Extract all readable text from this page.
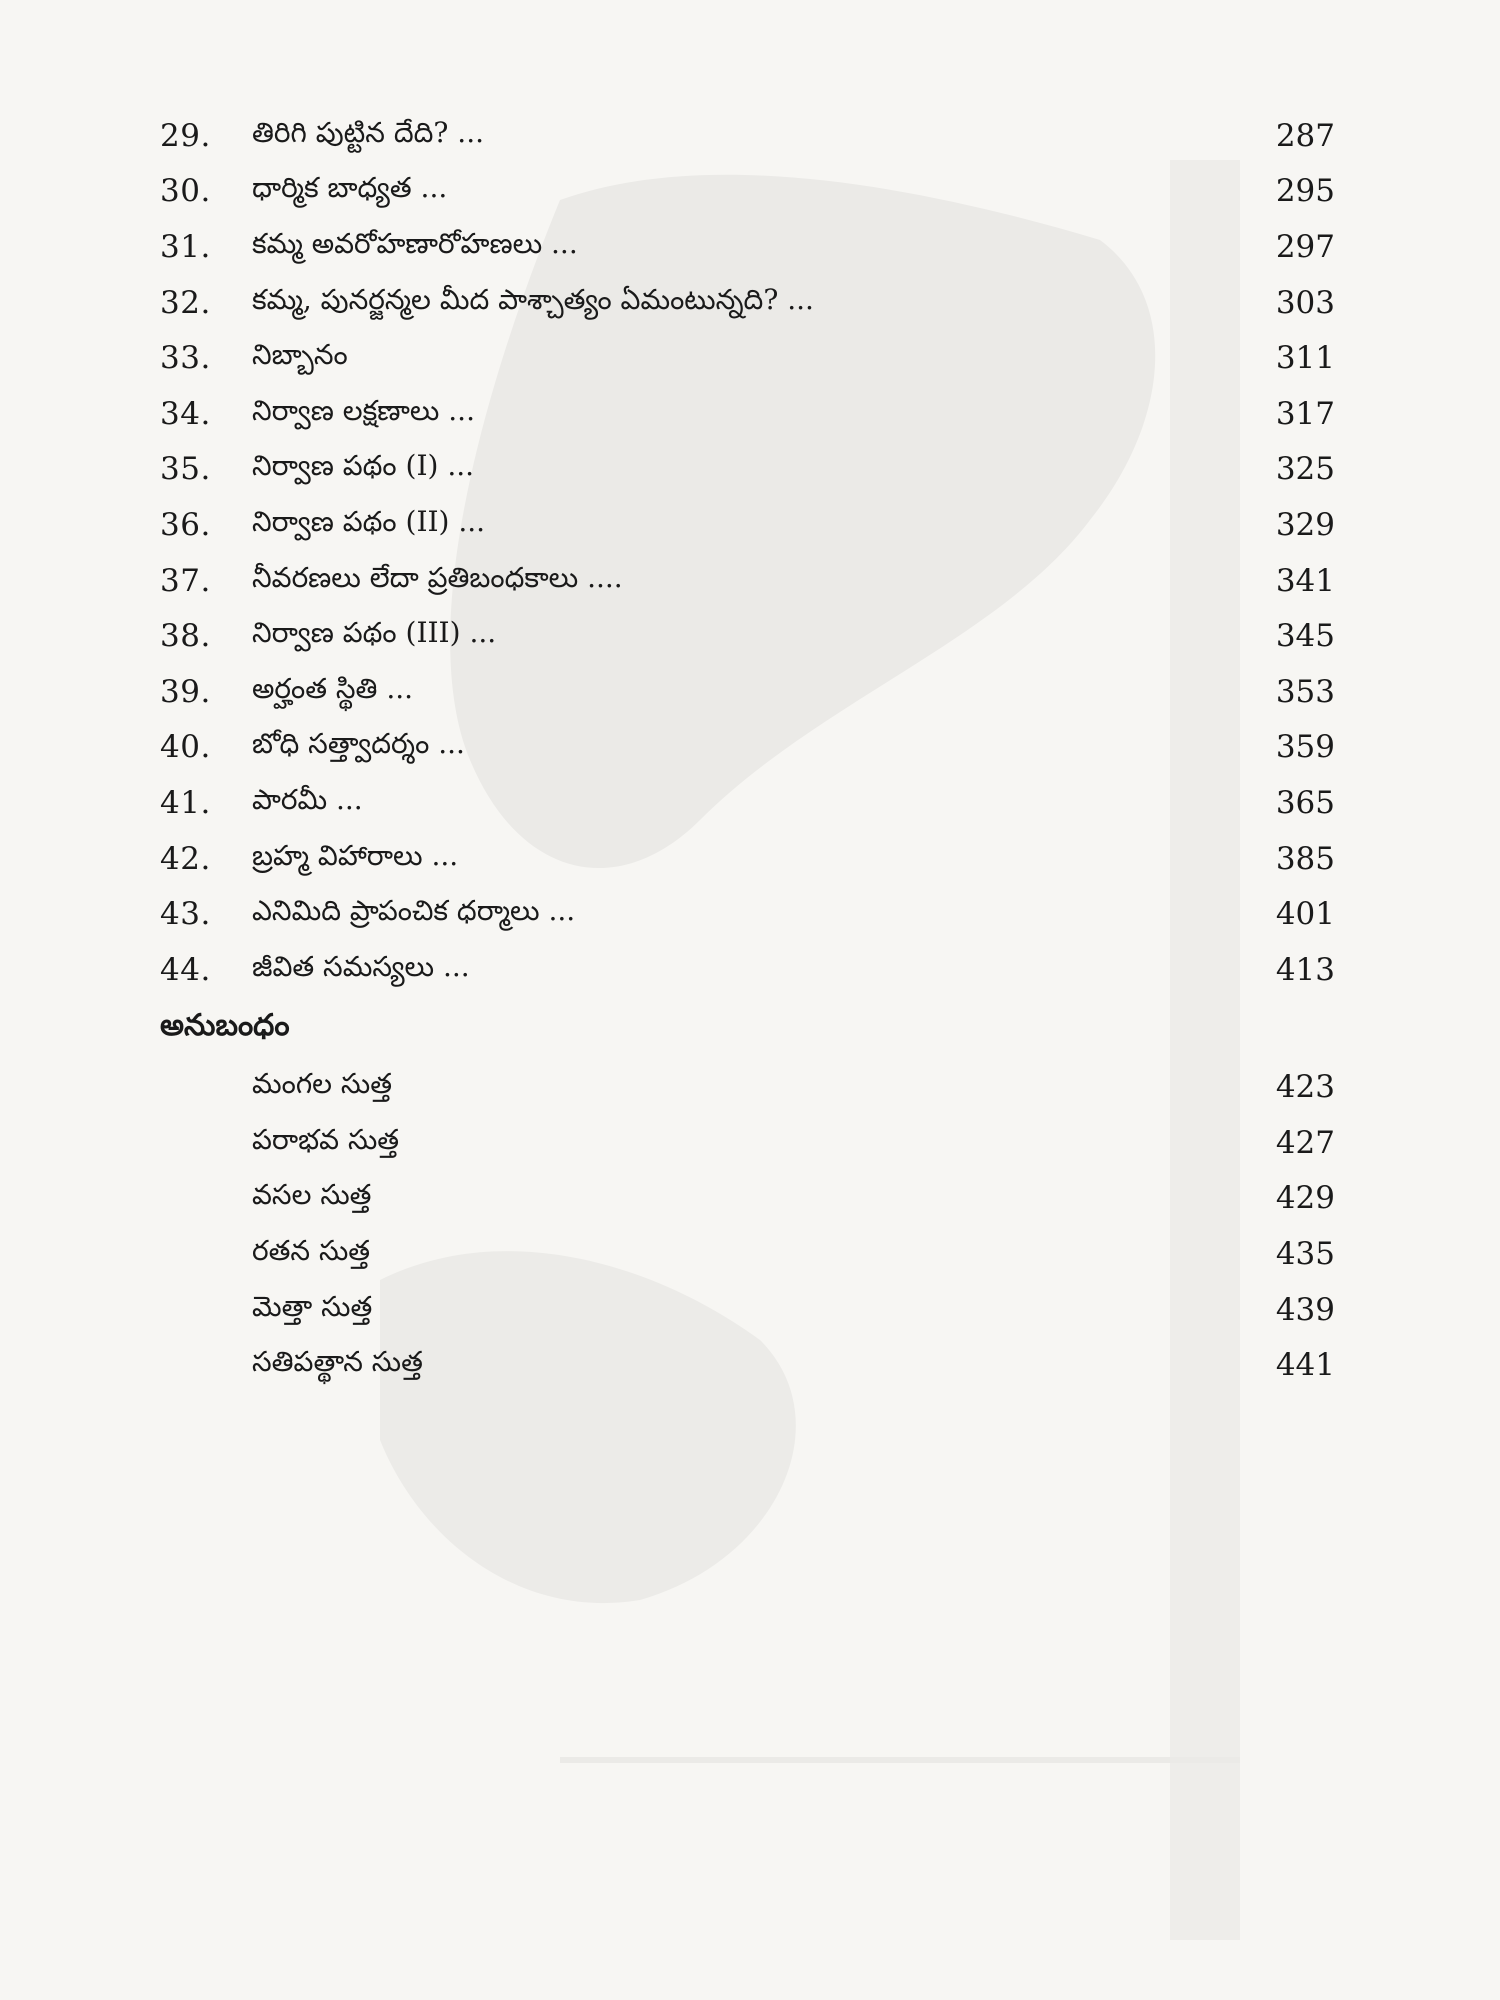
29.	తిరిగి పుట్టిన దేది? ...	287
30.	ధార్మిక బాధ్యత ...	295
31.	కమ్మ అవరోహణారోహణలు ...	297
32.	కమ్మ, పునర్జన్మల మీద పాశ్చాత్యం ఏమంటున్నది? ...	303
33.	నిబ్బానం	311
34.	నిర్వాణ లక్షణాలు ...	317
35.	నిర్వాణ పథం (I) ...	325
36.	నిర్వాణ పథం (II) ...	329
37.	నీవరణలు లేదా ప్రతిబంధకాలు ....	341
38.	నిర్వాణ పథం (III) ...	345
39.	అర్హంత స్థితి ...	353
40.	బోధి సత్త్వాదర్శం ...	359
41.	పారమీ ...	365
42.	బ్రహ్మ విహారాలు ...	385
43.	ఎనిమిది ప్రాపంచిక ధర్మాలు ...	401
44.	జీవిత సమస్యలు ...	413
అనుబంధం
మంగల సుత్త	423
పరాభవ సుత్త	427
వసల సుత్త	429
రతన సుత్త	435
మెత్తా సుత్త	439
సతిపత్థాన సుత్త	441
